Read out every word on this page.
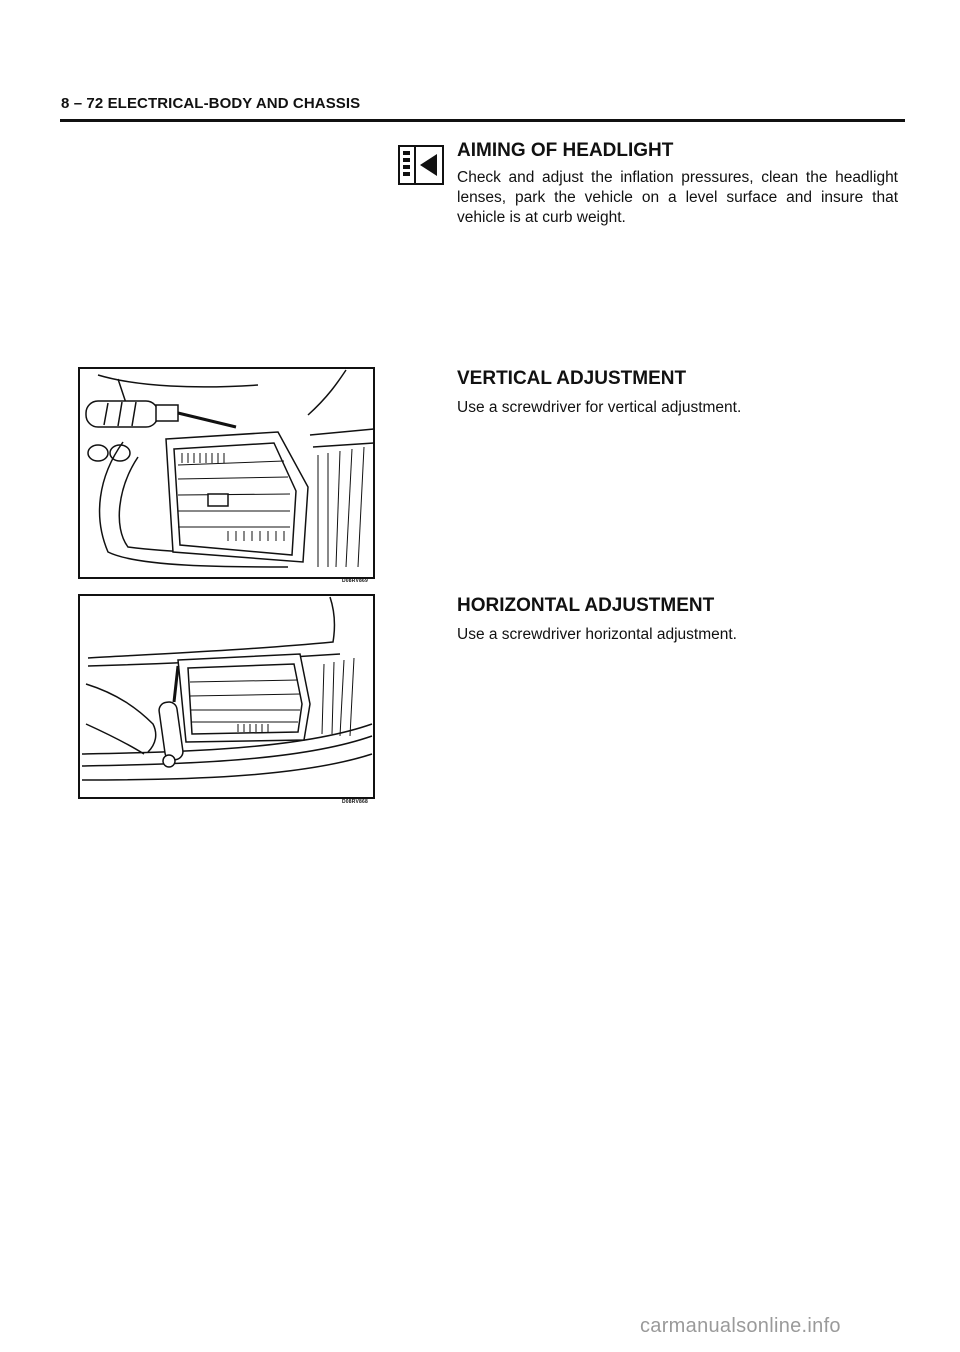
8 – 72 ELECTRICAL-BODY AND CHASSIS
AIMING OF HEADLIGHT
Check and adjust the inflation pressures, clean the headlight lenses, park the vehicle on a level surface and insure that vehicle is at curb weight.
VERTICAL ADJUSTMENT
Use a screwdriver for vertical adjustment.
HORIZONTAL ADJUSTMENT
Use a screwdriver horizontal adjustment.
D08RV869
D08RV868
carmanualsonline.info
